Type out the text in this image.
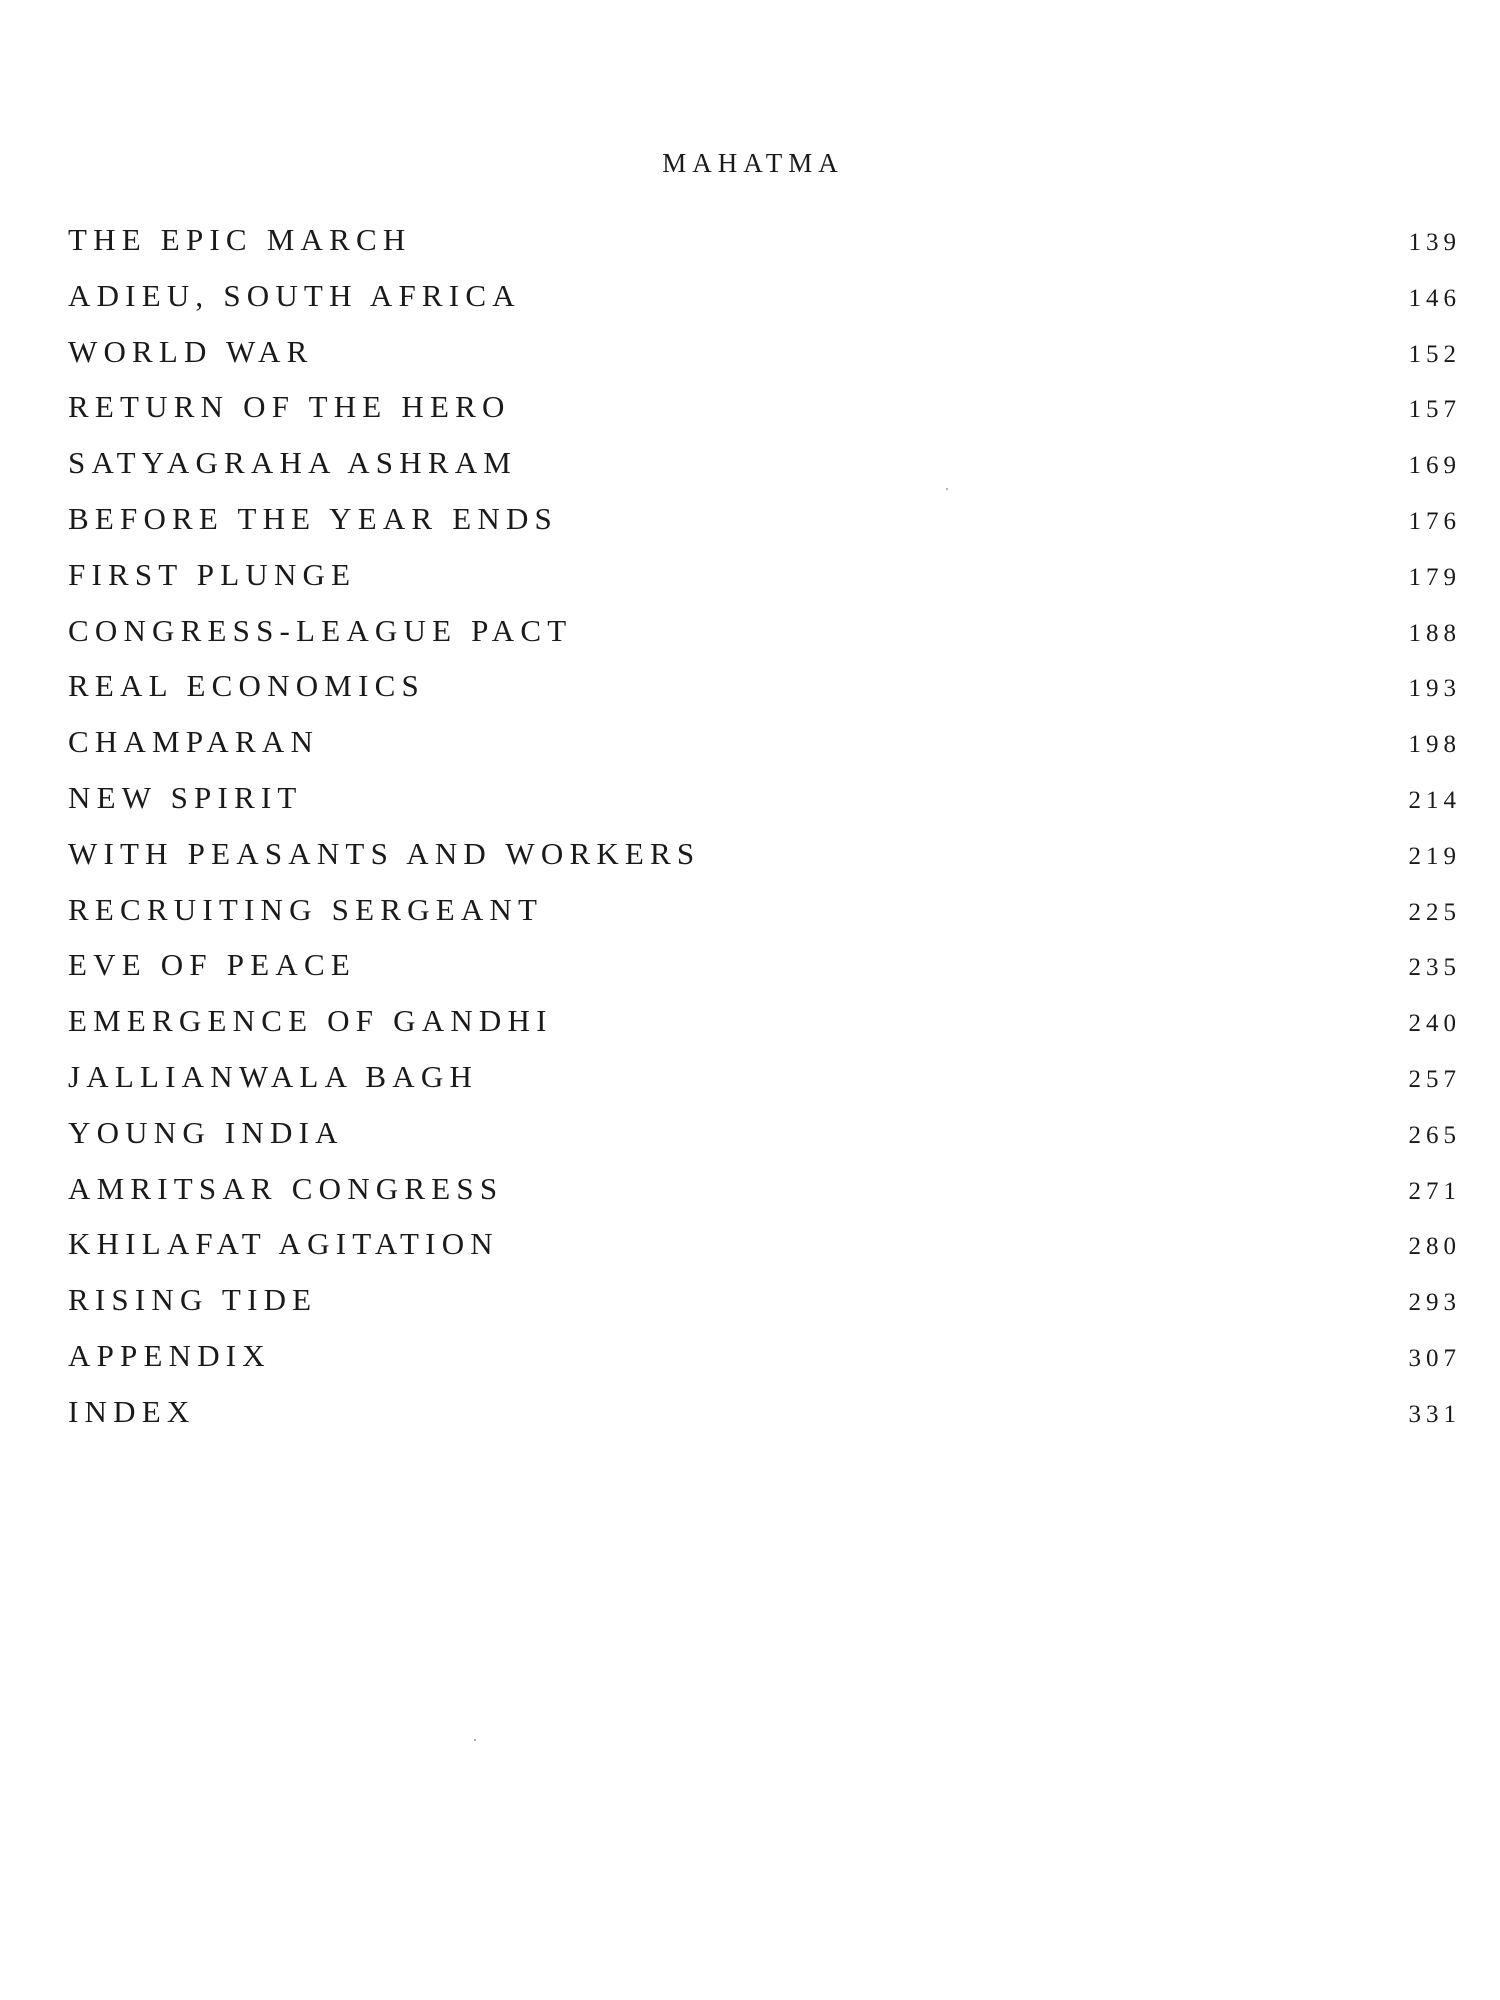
MAHATMA
THE EPIC MARCH	139
ADIEU, SOUTH AFRICA	146
WORLD WAR	152
RETURN OF THE HERO	157
SATYAGRAHA ASHRAM	169
BEFORE THE YEAR ENDS	176
FIRST PLUNGE	179
CONGRESS-LEAGUE PACT	188
REAL ECONOMICS	193
CHAMPARAN	198
NEW SPIRIT	214
WITH PEASANTS AND WORKERS	219
RECRUITING SERGEANT	225
EVE OF PEACE	235
EMERGENCE OF GANDHI	240
JALLIANWALA BAGH	257
YOUNG INDIA	265
AMRITSAR CONGRESS	271
KHILAFAT AGITATION	280
RISING TIDE	293
APPENDIX	307
INDEX	331
